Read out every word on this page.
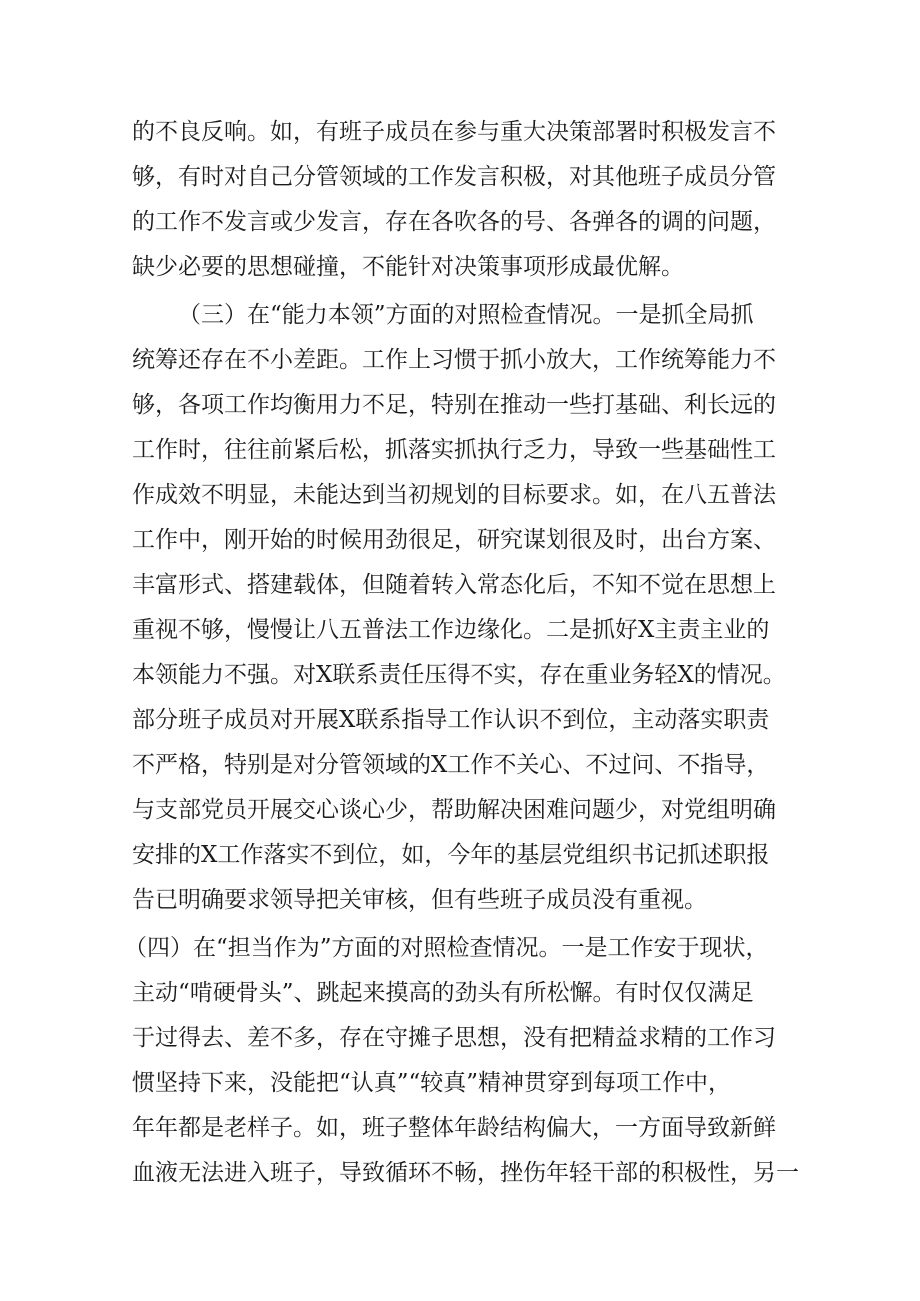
的不良反响。如，有班子成员在参与重大决策部署时积极发言不
够，有时对自己分管领域的工作发言积极，对其他班子成员分管
的工作不发言或少发言，存在各吹各的号、各弹各的调的问题，
缺少必要的思想碰撞，不能针对决策事项形成最优解。
（三）在“能力本领”方面的对照检查情况。一是抓全局抓
统筹还存在不小差距。工作上习惯于抓小放大，工作统筹能力不
够，各项工作均衡用力不足，特别在推动一些打基础、利长远的
工作时，往往前紧后松，抓落实抓执行乏力，导致一些基础性工
作成效不明显，未能达到当初规划的目标要求。如，在八五普法
工作中，刚开始的时候用劲很足，研究谋划很及时，出台方案、
丰富形式、搭建载体，但随着转入常态化后，不知不觉在思想上
重视不够，慢慢让八五普法工作边缘化。二是抓好X主责主业的
本领能力不强。对X联系责任压得不实，存在重业务轻X的情况。
部分班子成员对开展X联系指导工作认识不到位，主动落实职责
不严格，特别是对分管领域的X工作不关心、不过问、不指导，
与支部党员开展交心谈心少，帮助解决困难问题少，对党组明确
安排的X工作落实不到位，如，今年的基层党组织书记抓述职报
告已明确要求领导把关审核，但有些班子成员没有重视。
（四）在“担当作为”方面的对照检查情况。一是工作安于现状，
主动“啃硬骨头”、跳起来摸高的劲头有所松懈。有时仅仅满足
于过得去、差不多，存在守摊子思想，没有把精益求精的工作习
惯坚持下来，没能把“认真”“较真”精神贯穿到每项工作中，
年年都是老样子。如，班子整体年龄结构偏大，一方面导致新鲜
血液无法进入班子，导致循环不畅，挫伤年轻干部的积极性，另一
